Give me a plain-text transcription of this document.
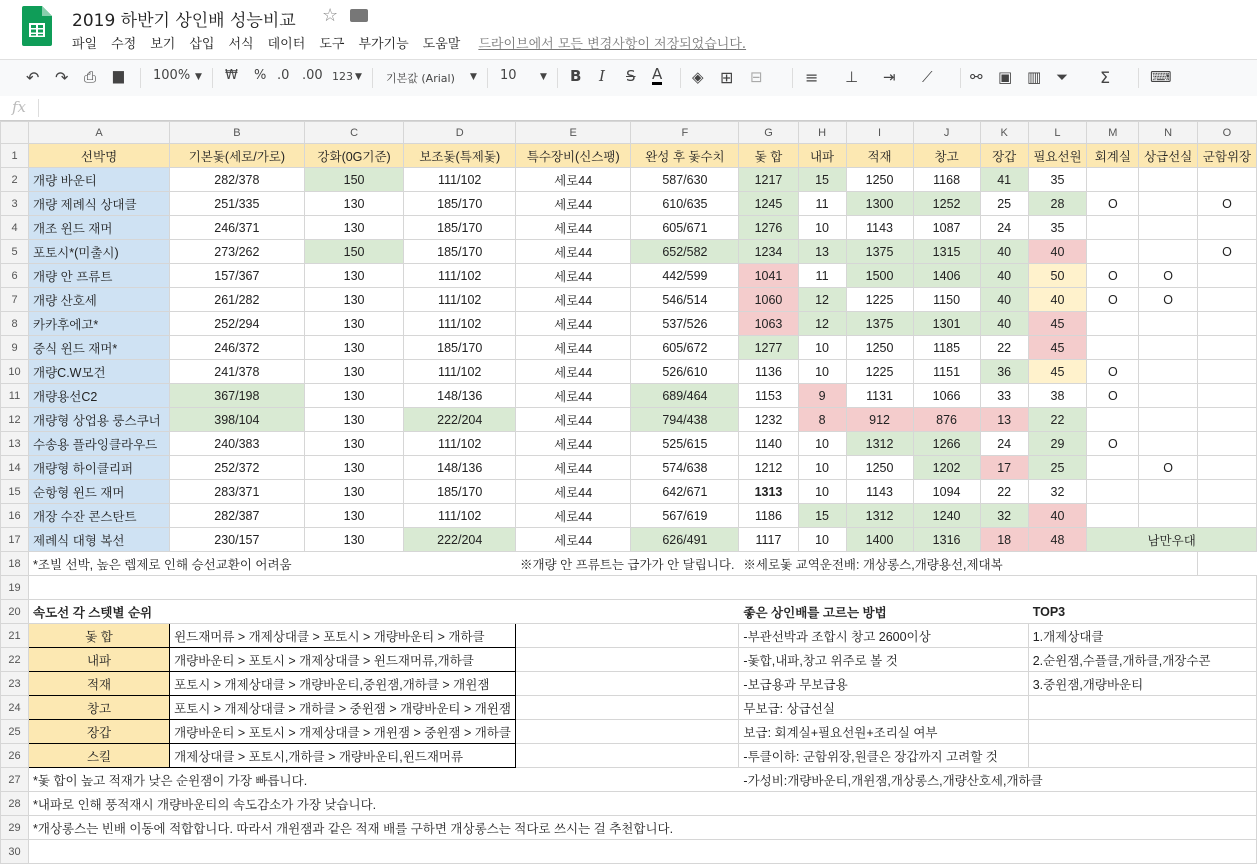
2019 하반기 상인배 성능비교 ☆
파일 수정 보기 삽입 서식 데이터 도구 부가기능 도움말 드라이브에서 모든 변경사항이 저장되었습니다.
↶ ↷ ⎙ ▆ 100% ▼ ₩ % .0 .00 123 ▼ 기본값 (Arial) ▼ 10	▼ B I S A ◈ ⊞ ⊟	≡ ⊥ ⇥ ⟋ ⚯ ▣ ▥ ⏷ Σ	⌨
fx
	A	B	C	D	E	F	G	H	I	J	K	L	M	N	O
1	선박명	기본돛(세로/가로)	강화(0G기준)	보조돛(특제돛)	특수장비(신스팽)	완성 후 돛수치	돛 합	내파	적재	창고	장갑	필요선원	회계실	상급선실	군함위장
2	개량 바운티	282/378	150	111/102	세로44	587/630	1217	15	1250	1168	41	35			
3	개량 제례식 상대클	251/335	130	185/170	세로44	610/635	1245	11	1300	1252	25	28	O		O
4	개조 윈드 재머	246/371	130	185/170	세로44	605/671	1276	10	1143	1087	24	35			
5	포토시*(미출시)	273/262	150	185/170	세로44	652/582	1234	13	1375	1315	40	40			O
6	개량 안 프류트	157/367	130	111/102	세로44	442/599	1041	11	1500	1406	40	50	O	O	
7	개량 산호세	261/282	130	111/102	세로44	546/514	1060	12	1225	1150	40	40	O	O	
8	카카후에고*	252/294	130	111/102	세로44	537/526	1063	12	1375	1301	40	45			
9	중식 윈드 재머*	246/372	130	185/170	세로44	605/672	1277	10	1250	1185	22	45			
10	개량C.W모건	241/378	130	111/102	세로44	526/610	1136	10	1225	1151	36	45	O		
11	개량용선C2	367/198	130	148/136	세로44	689/464	1153	9	1131	1066	33	38	O		
12	개량형 상업용 룽스쿠너	398/104	130	222/204	세로44	794/438	1232	8	912	876	13	22			
13	수송용 플라잉클라우드	240/383	130	111/102	세로44	525/615	1140	10	1312	1266	24	29	O		
14	개량형 하이클리퍼	252/372	130	148/136	세로44	574/638	1212	10	1250	1202	17	25		O	
15	순항형 윈드 재머	283/371	130	185/170	세로44	642/671	1313	10	1143	1094	22	32			
16	개장 수잔 콘스탄트	282/387	130	111/102	세로44	567/619	1186	15	1312	1240	32	40			
17	제례식 대형 복선	230/157	130	222/204	세로44	626/491	1117	10	1400	1316	18	48	남만우대		
18	*조빌 선박, 높은 렙제로 인해 승선교환이 어려움				※개량 안 프류트는 급가가 안 달립니다.		※세로돛 교역운전배: 개상롱스,개량용선,제대복								
19															
20	속도선 각 스텟별 순위						좋은 상인배를 고르는 방법					TOP3			
21	돛 합	윈드재머류 > 개제상대클 > 포토시 > 개량바운티 > 개하클					-부관선박과 조합시 창고 2600이상					1.개제상대클			
22	내파	개량바운티 > 포토시 > 개제상대클 > 윈드재머류,개하클					-돛합,내파,창고 위주로 볼 것					2.순윈잼,수플클,개하클,개장수콘			
23	적재	포토시 > 개제상대클 > 개량바운티,중윈잼,개하클 > 개윈잼					-보급용과 무보급용					3.중윈잼,개량바운티			
24	창고	포토시 > 개제상대클 > 개하클 > 중윈잼 > 개량바운티 > 개윈잼					무보급: 상급선실								
25	장갑	개량바운티 > 포토시 > 개제상대클 > 개윈잼 > 중윈잼 > 개하클					보급: 회계실+필요선원+조리실 여부								
26	스킬	개제상대클 > 포토시,개하클 > 개량바운티,윈드재머류					-투클이하: 군함위장,원클은 장갑까지 고려할 것								
27	*돛 합이 높고 적재가 낮은 순윈잼이 가장 빠릅니다.						-가성비:개량바운티,개윈잼,개상롱스,개량산호세,개하클								
28	*내파로 인해 풍적재시 개량바운티의 속도감소가 가장 낮습니다.														
29	*개상롱스는 빈배 이동에 적합합니다. 따라서 개윈잼과 같은 적재 배를 구하면 개상롱스는 적다로 쓰시는 걸 추천합니다.														
30															
